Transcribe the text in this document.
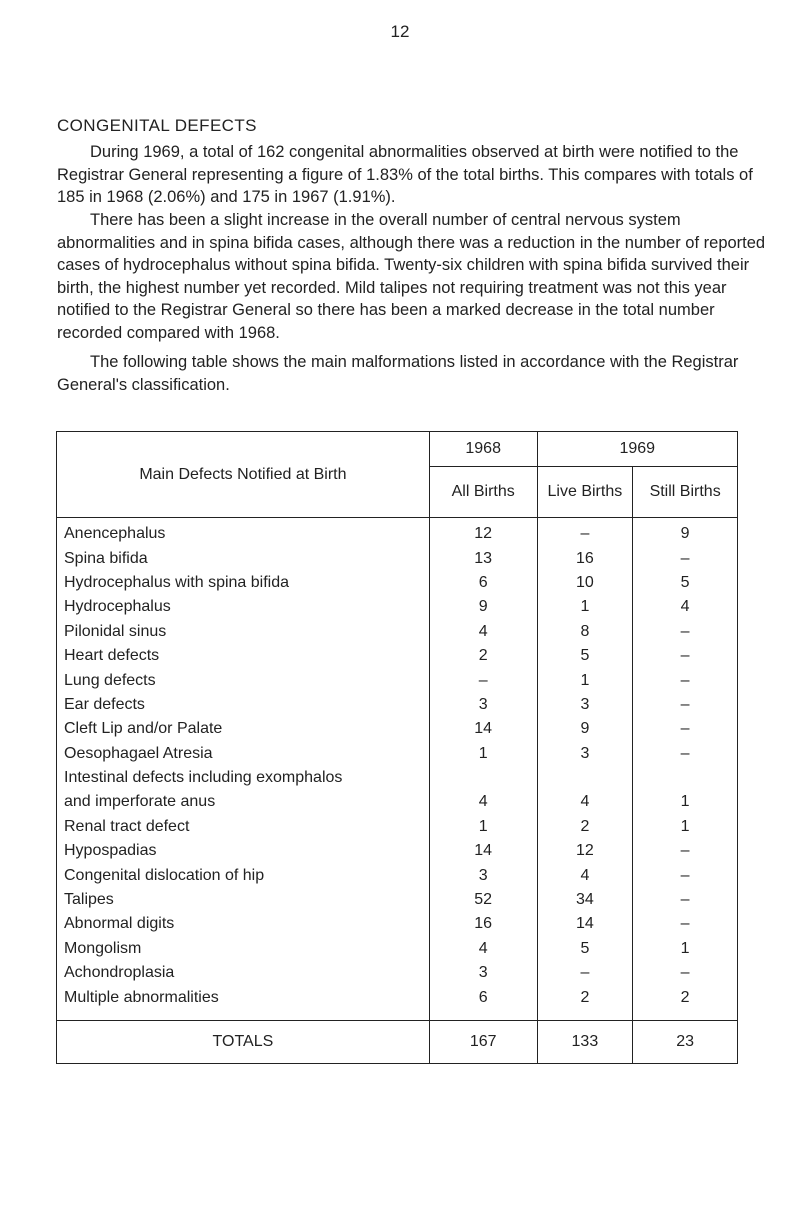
12
CONGENITAL DEFECTS

During 1969, a total of 162 congenital abnormalities observed at birth were notified to the Registrar General representing a figure of 1.83% of the total births. This compares with totals of 185 in 1968 (2.06%) and 175 in 1967 (1.91%).

There has been a slight increase in the overall number of central nervous system abnormalities and in spina bifida cases, although there was a reduction in the number of reported cases of hydrocephalus without spina bifida. Twenty-six children with spina bifida survived their birth, the highest number yet recorded. Mild talipes not requiring treatment was not this year notified to the Registrar General so there has been a marked decrease in the total number recorded compared with 1968.

The following table shows the main malformations listed in accordance with the Registrar General's classification.

Main Defects Notified at Birth	1968	1969	
	All Births	Live Births	Still Births
Anencephalus	12	–	9
Spina bifida	13	16	–
Hydrocephalus with spina bifida	6	10	5
Hydrocephalus	9	1	4
Pilonidal sinus	4	8	–
Heart defects	2	5	–
Lung defects	–	1	–
Ear defects	3	3	–
Cleft Lip and/or Palate	14	9	–
Oesophagael Atresia	1	3	–
Intestinal defects including exomphalos			
and imperforate anus	4	4	1
Renal tract defect	1	2	1
Hypospadias	14	12	–
Congenital dislocation of hip	3	4	–
Talipes	52	34	–
Abnormal digits	16	14	–
Mongolism	4	5	1
Achondroplasia	3	–	–
Multiple abnormalities	6	2	2
TOTALS	167	133	23
